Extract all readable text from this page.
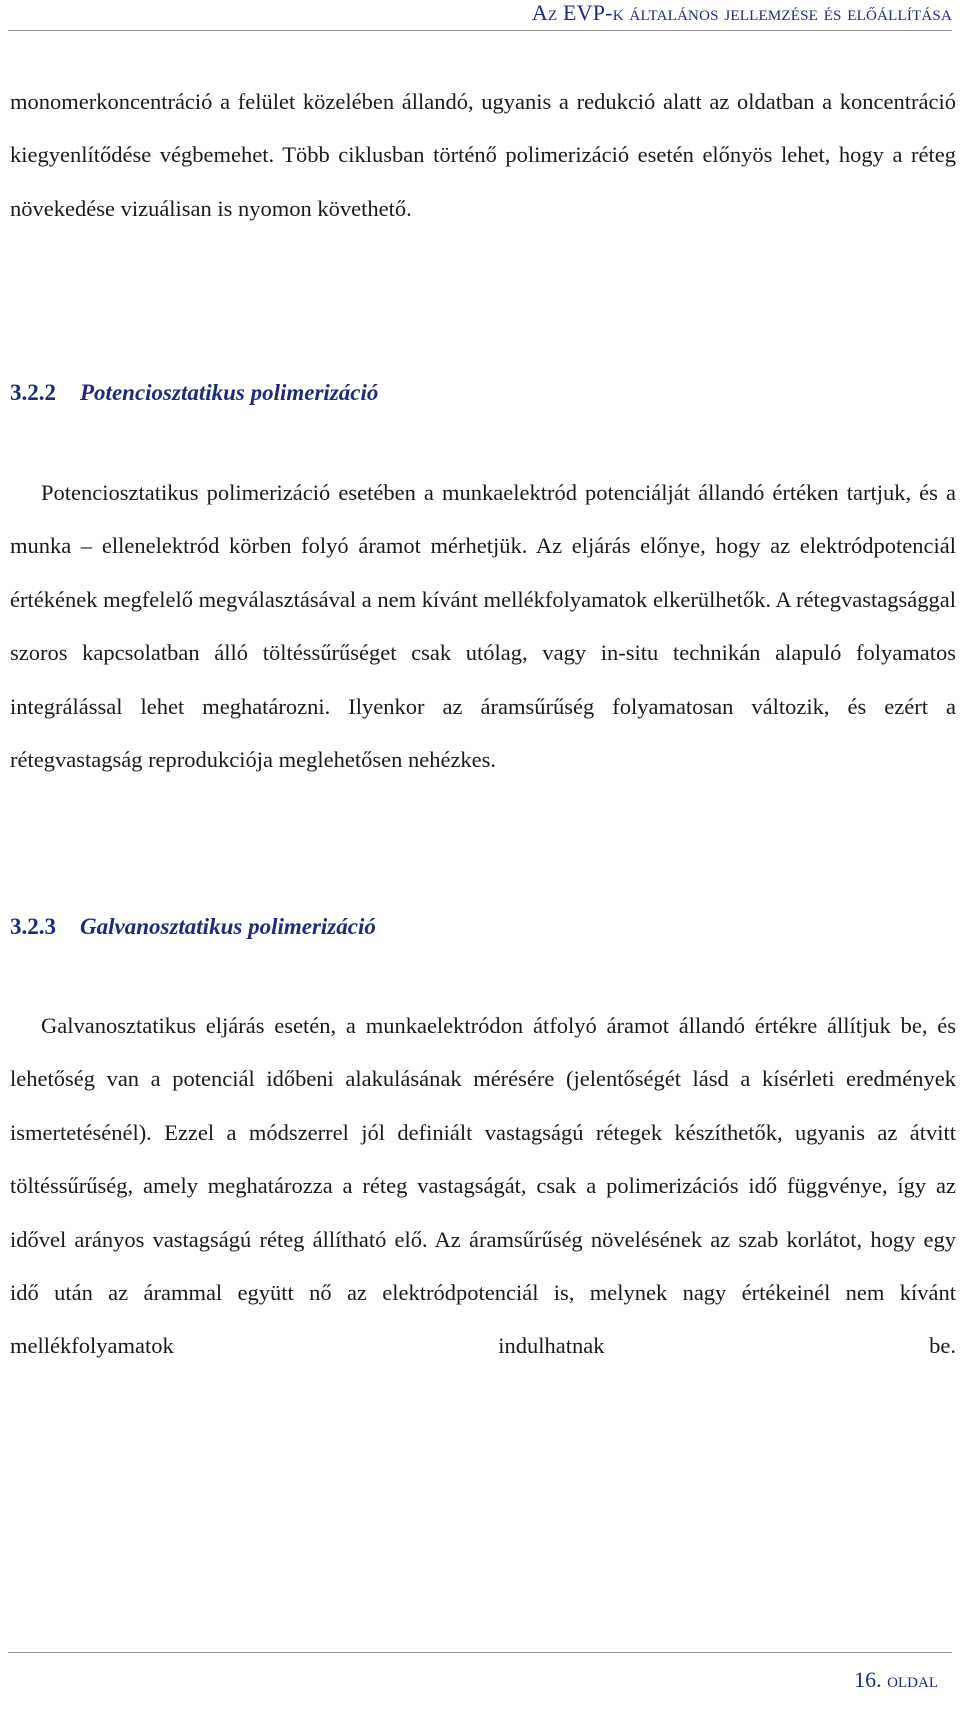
Az EVP-k általános jellemzése és előállítása

monomerkoncentráció a felület közelében állandó, ugyanis a redukció alatt az oldatban a koncentráció kiegyenlítődése végbemehet. Több ciklusban történő polimerizáció esetén előnyös lehet, hogy a réteg növekedése vizuálisan is nyomon követhető.

3.2.2 Potenciosztatikus polimerizáció

Potenciosztatikus polimerizáció esetében a munkaelektród potenciálját állandó értéken tartjuk, és a munka – ellenelektród körben folyó áramot mérhetjük. Az eljárás előnye, hogy az elektródpotenciál értékének megfelelő megválasztásával a nem kívánt mellékfolyamatok elkerülhetők. A rétegvastagsággal szoros kapcsolatban álló töltéssűrűséget csak utólag, vagy in-situ technikán alapuló folyamatos integrálással lehet meghatározni. Ilyenkor az áramsűrűség folyamatosan változik, és ezért a rétegvastagság reprodukciója meglehetősen nehézkes.

3.2.3 Galvanosztatikus polimerizáció

Galvanosztatikus eljárás esetén, a munkaelektródon átfolyó áramot állandó értékre állítjuk be, és lehetőség van a potenciál időbeni alakulásának mérésére (jelentőségét lásd a kísérleti eredmények ismertetésénél). Ezzel a módszerrel jól definiált vastagságú rétegek készíthetők, ugyanis az átvitt töltéssűrűség, amely meghatározza a réteg vastagságát, csak a polimerizációs idő függvénye, így az idővel arányos vastagságú réteg állítható elő. Az áramsűrűség növelésének az szab korlátot, hogy egy idő után az árammal együtt nő az elektródpotenciál is, melynek nagy értékeinél nem kívánt mellékfolyamatok indulhatnak be.

16. oldal
